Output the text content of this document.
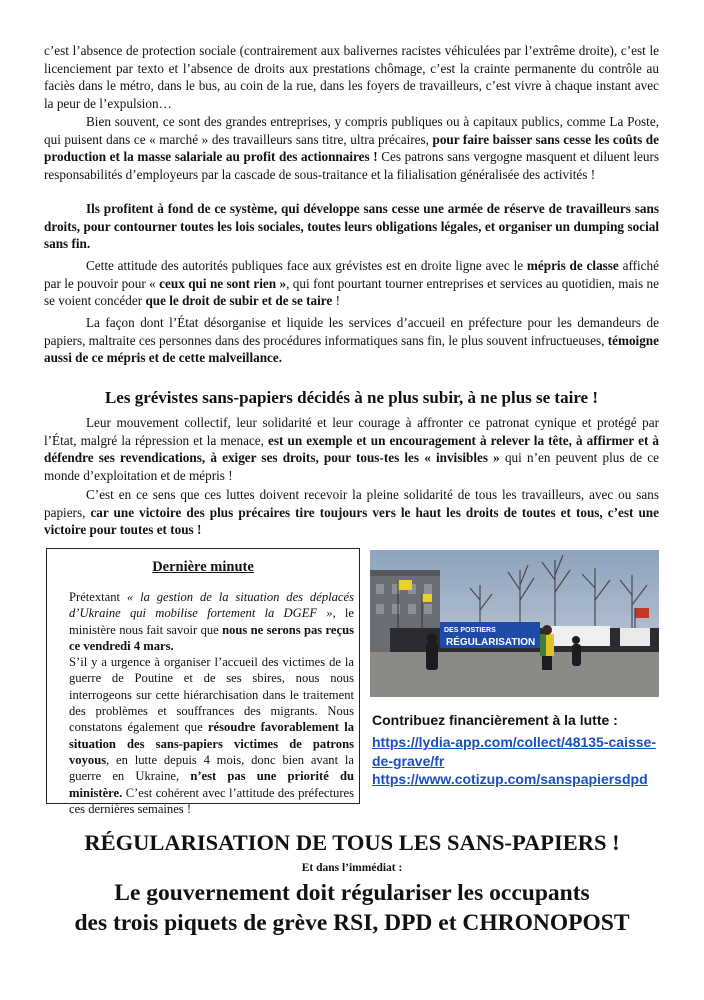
c’est l’absence de protection sociale (contrairement aux balivernes racistes véhiculées par l’extrême droite), c’est le licenciement par texto et l’absence de droits aux prestations chômage, c’est la crainte permanente du contrôle au faciès dans le métro, dans le bus, au coin de la rue, dans les foyers de travailleurs, c’est vivre à chaque instant avec la peur de l’expulsion…

Bien souvent, ce sont des grandes entreprises, y compris publiques ou à capitaux publics, comme La Poste, qui puisent dans ce « marché » des travailleurs sans titre, ultra précaires, pour faire baisser sans cesse les coûts de production et la masse salariale au profit des actionnaires ! Ces patrons sans vergogne masquent et diluent leurs responsabilités d’employeurs par la cascade de sous-traitance et la filialisation généralisée des activités !

Ils profitent à fond de ce système, qui développe sans cesse une armée de réserve de travailleurs sans droits, pour contourner toutes les lois sociales, toutes leurs obligations légales, et organiser un dumping social sans fin.

Cette attitude des autorités publiques face aux grévistes est en droite ligne avec le mépris de classe affiché par le pouvoir pour « ceux qui ne sont rien », qui font pourtant tourner entreprises et services au quotidien, mais ne se voient concéder que le droit de subir et de se taire !

La façon dont l’État désorganise et liquide les services d’accueil en préfecture pour les demandeurs de papiers, maltraite ces personnes dans des procédures informatiques sans fin, le plus souvent infructueuses, témoigne aussi de ce mépris et de cette malveillance.

Les grévistes sans-papiers décidés à ne plus subir, à ne plus se taire !

Leur mouvement collectif, leur solidarité et leur courage à affronter ce patronat cynique et protégé par l’État, malgré la répression et la menace, est un exemple et un encouragement à relever la tête, à affirmer et à défendre ses revendications, à exiger ses droits, pour tous-tes les « invisibles » qui n’en peuvent plus de ce monde d’exploitation et de mépris !

C’est en ce sens que ces luttes doivent recevoir la pleine solidarité de tous les travailleurs, avec ou sans papiers, car une victoire des plus précaires tire toujours vers le haut les droits de toutes et tous, c’est une victoire pour toutes et tous !

Dernière minute

Prétextant « la gestion de la situation des déplacés d’Ukraine qui mobilise fortement la DGEF », le ministère nous fait savoir que nous ne serons pas reçus ce vendredi 4 mars.

S’il y a urgence à organiser l’accueil des victimes de la guerre de Poutine et de ses sbires, nous nous interrogeons sur cette hiérarchisation dans le traitement des problèmes et souffrances des migrants. Nous constatons également que résoudre favorablement la situation des sans-papiers victimes de patrons voyous, en lutte depuis 4 mois, donc bien avant la guerre en Ukraine, n’est pas une priorité du ministère. C’est cohérent avec l’attitude des préfectures ces dernières semaines !

DES POSTIERS
RÉGULARISATION
Contribuez financièrement à la lutte :
https://lydia-app.com/collect/48135-caisse-de-grave/fr
https://www.cotizup.com/sanspapiersdpd
RÉGULARISATION DE TOUS LES SANS-PAPIERS !
Et dans l’immédiat :
Le gouvernement doit régulariser les occupants
des trois piquets de grève RSI, DPD et CHRONOPOST
